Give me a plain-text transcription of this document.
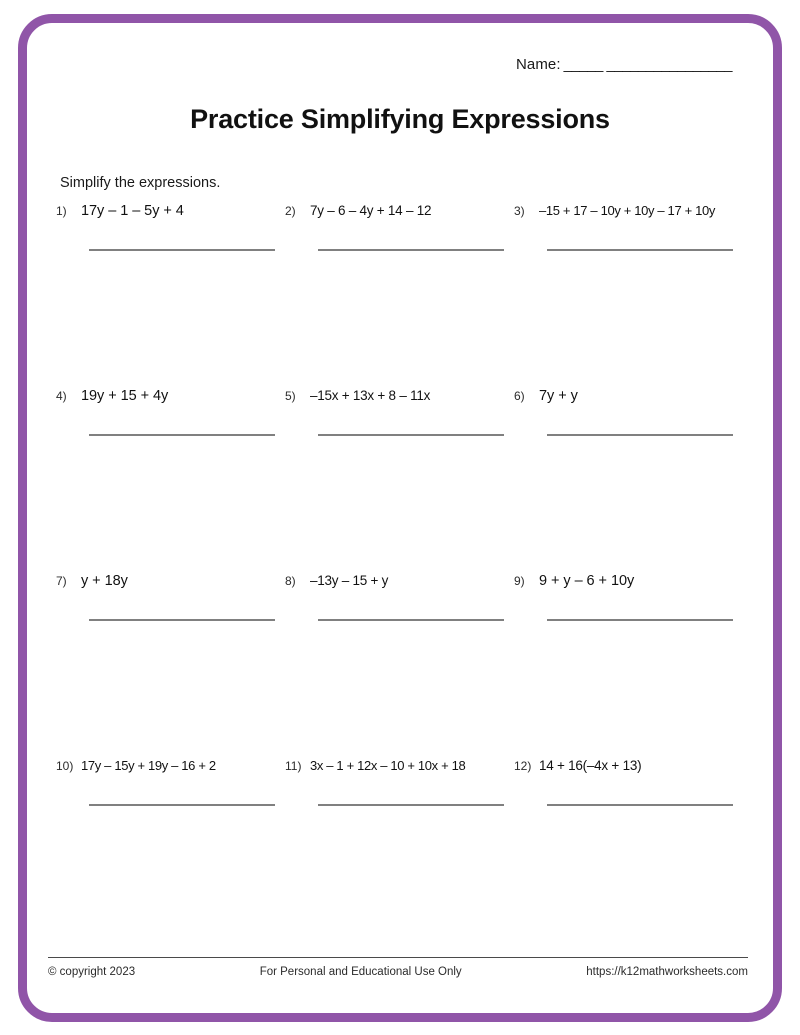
Name: _____ ________________
Practice Simplifying Expressions
Simplify the expressions.
1) 17y – 1 – 5y + 4	2)	7y – 6 – 4y + 14 – 12	3)	–15 + 17 – 10y + 10y – 17 + 10y
4) 19y + 15 + 4y	5)	–15x + 13x + 8 – 11x	6) 7y + y
7) y + 18y	8)	–13y – 15 + y	9) 9 + y – 6 + 10y
10) 17y – 15y + 19y – 16 + 2	11) 3x – 1 + 12x – 10 + 10x + 18	12) 14 + 16(–4x + 13)
© copyright 2023	For Personal and Educational Use Only	https://k12mathworksheets.com
